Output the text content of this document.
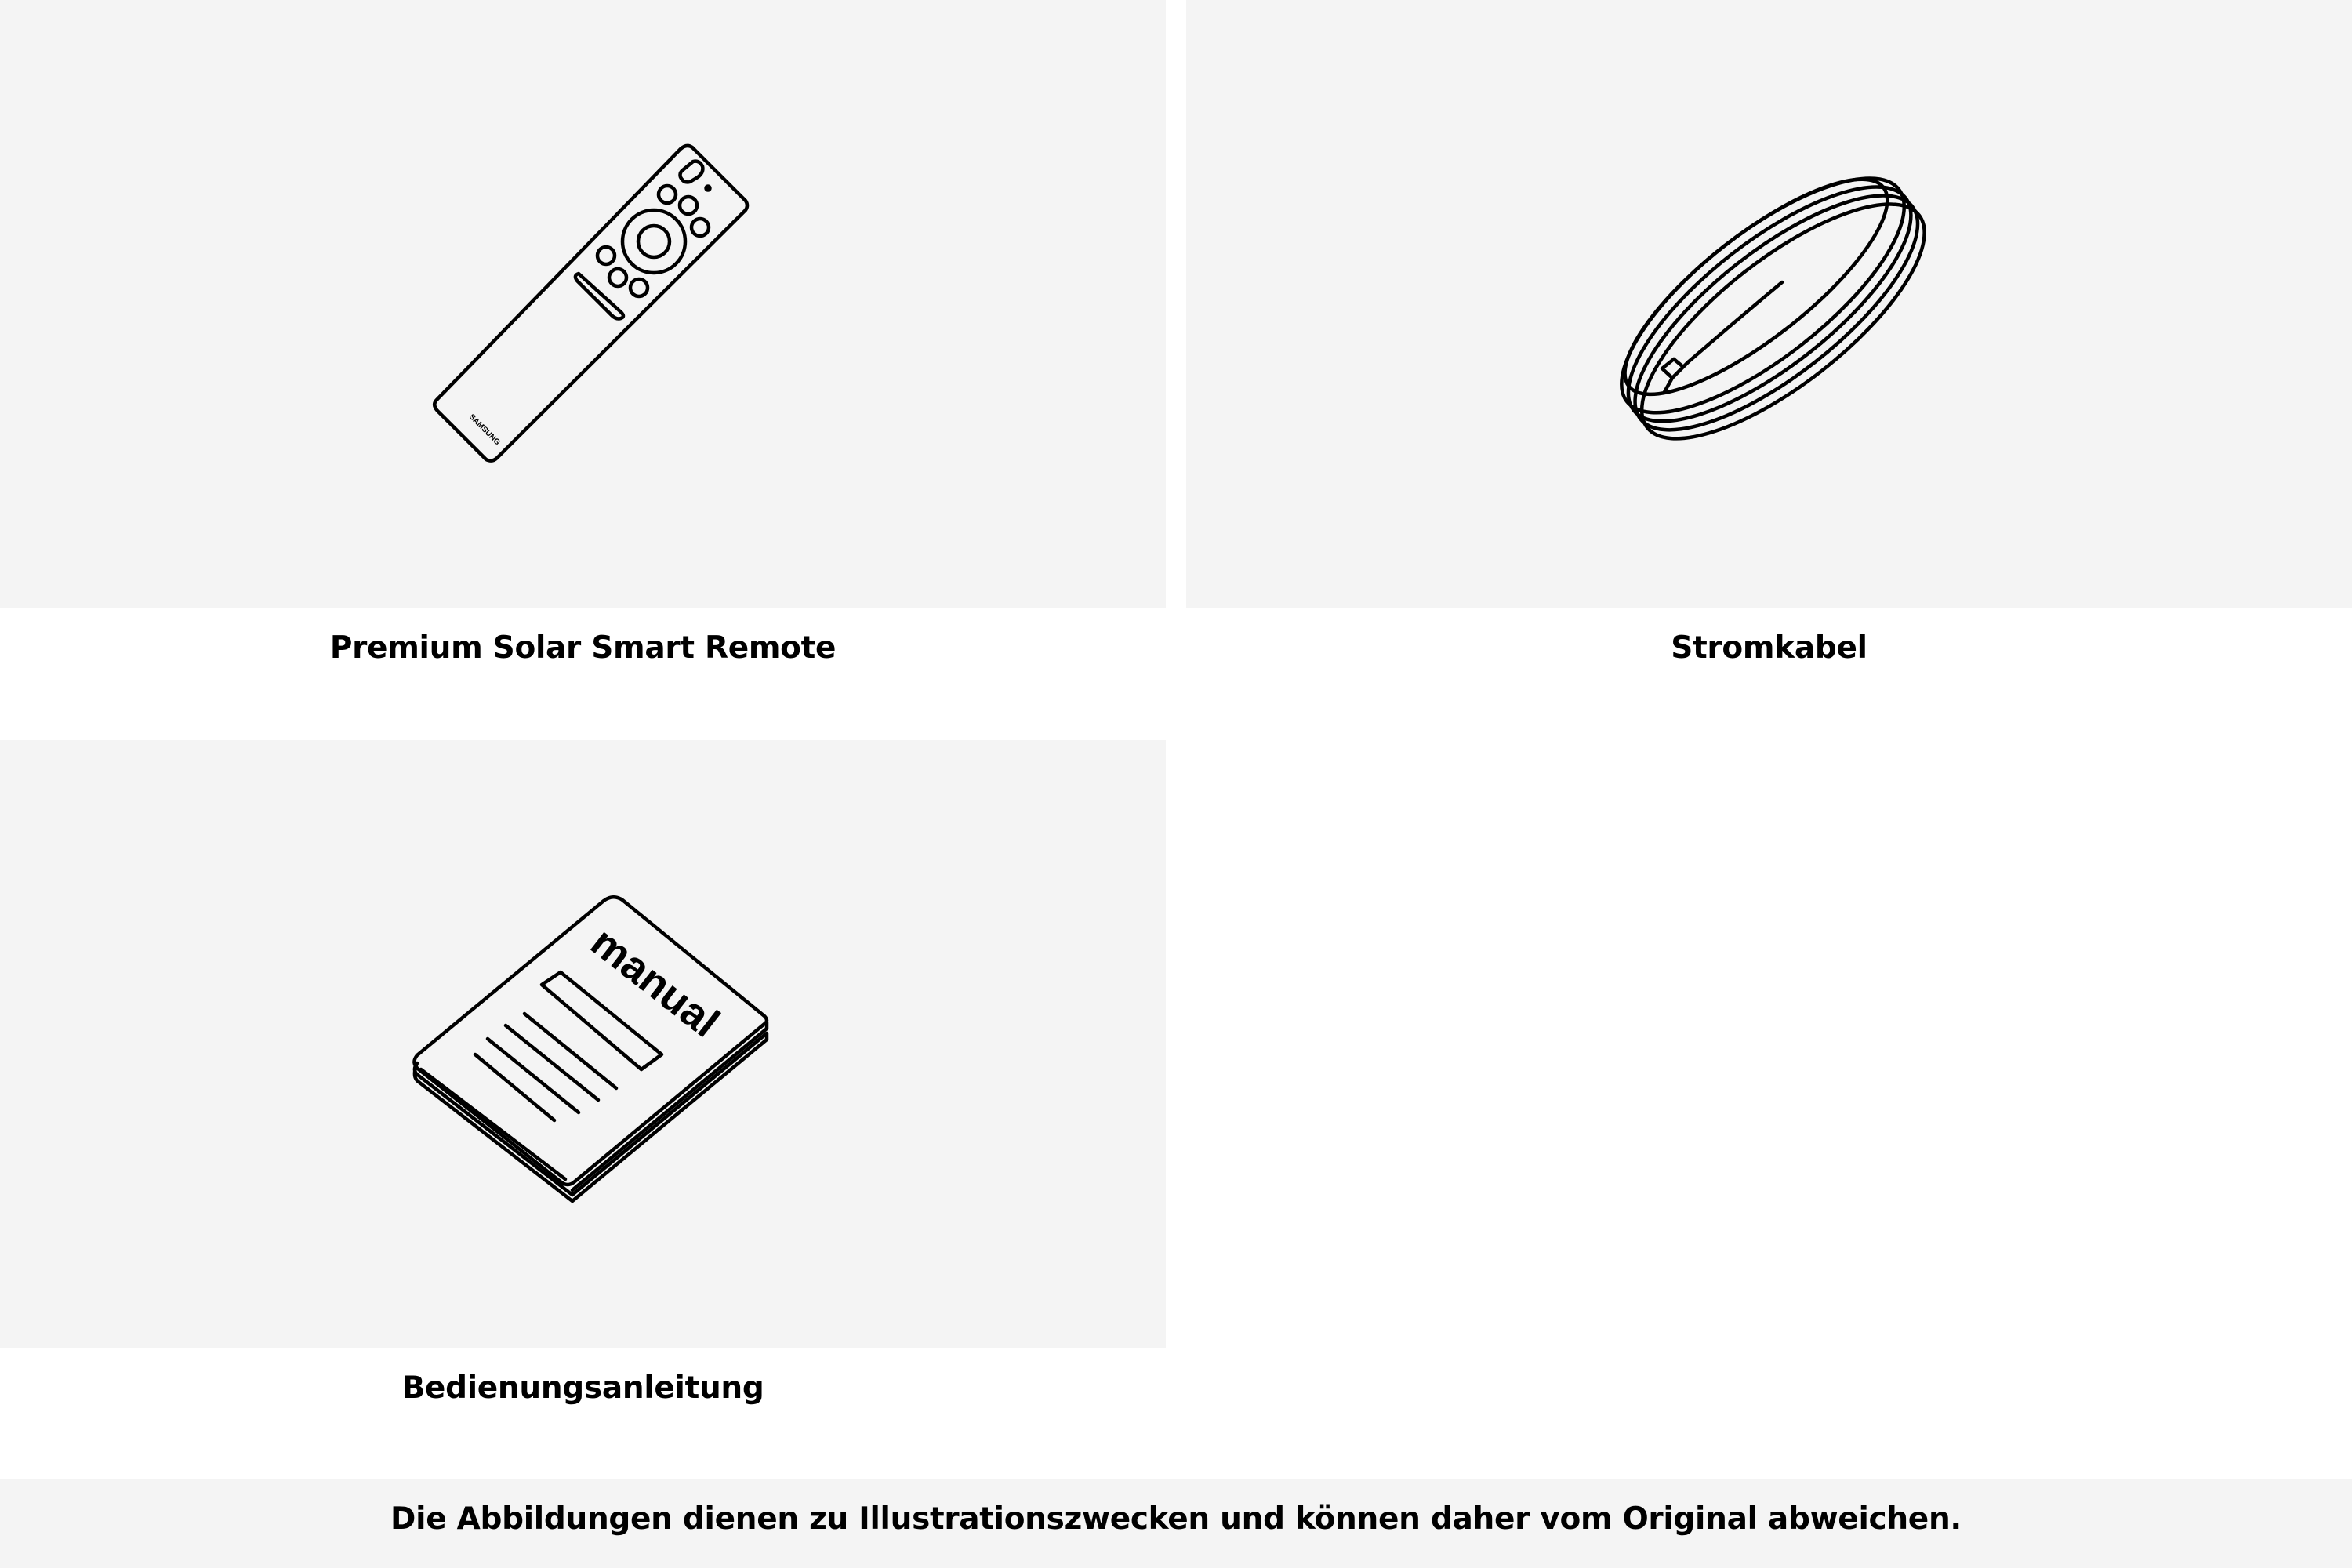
SAMSUNG
Premium Solar Smart Remote	Stromkabel
manual
Bedienungsanleitung
Die Abbildungen dienen zu Illustrationszwecken und können daher vom Original abweichen.
